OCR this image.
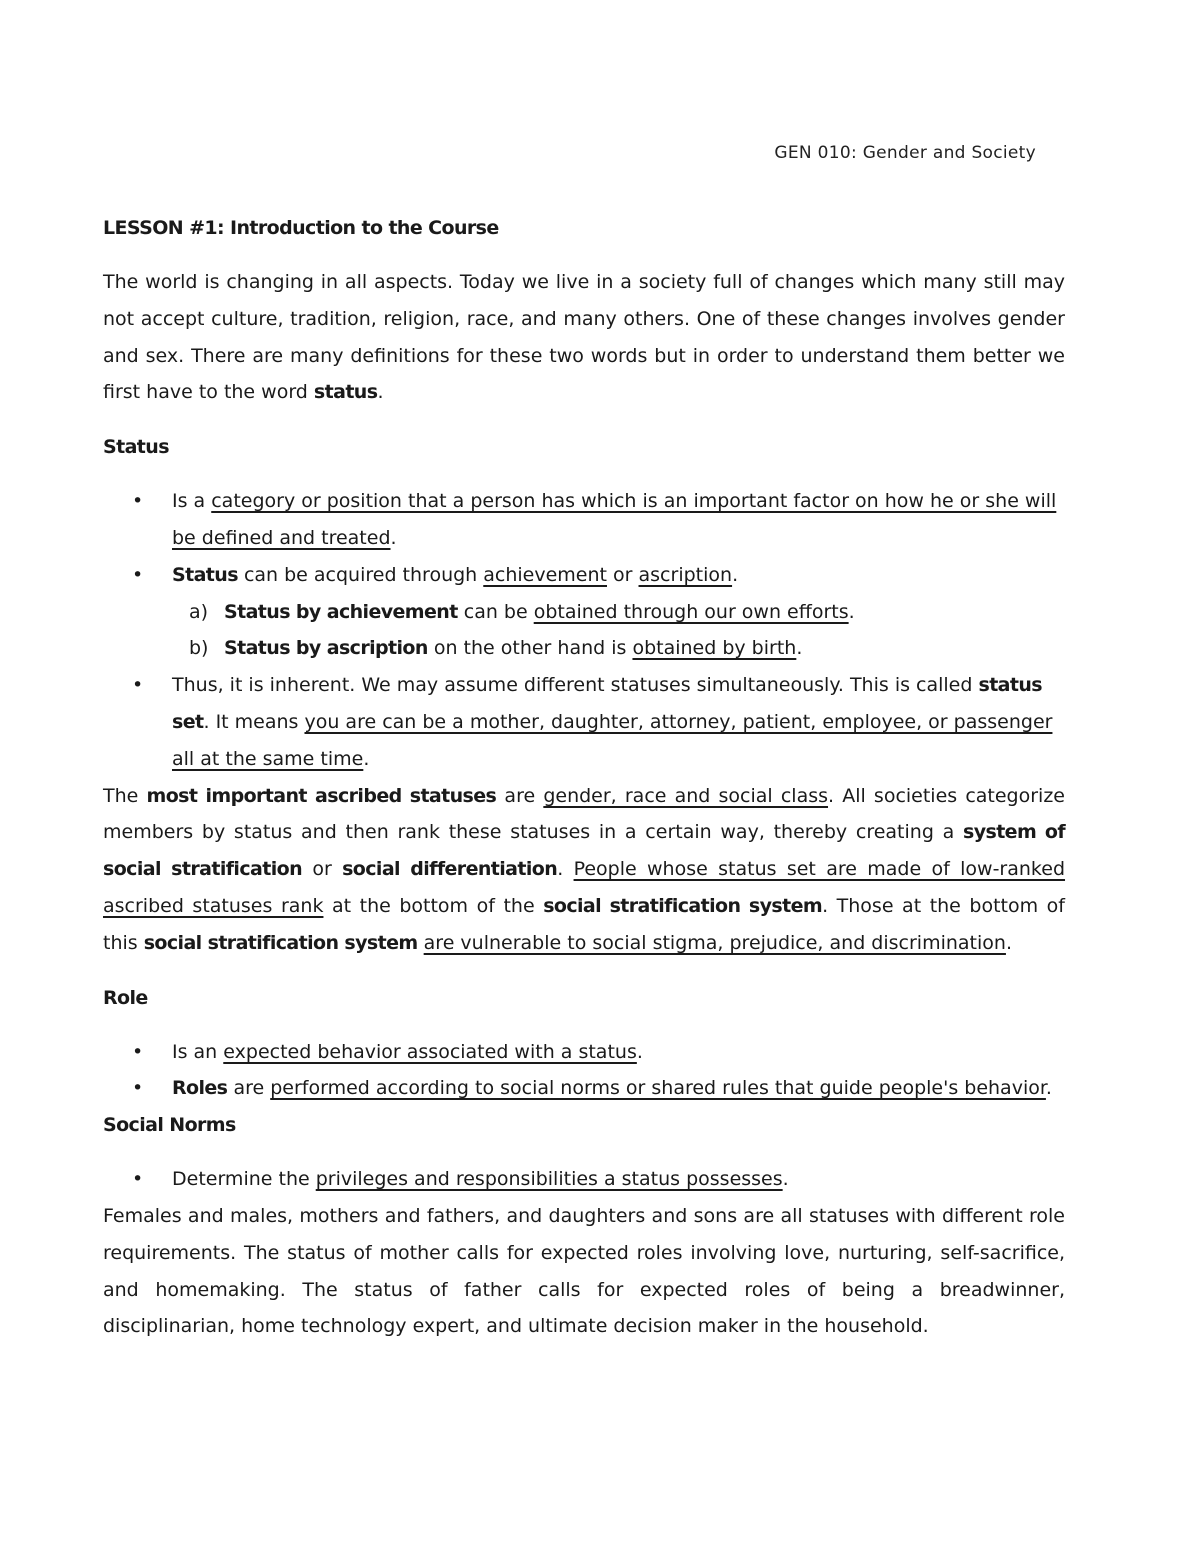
GEN 010: Gender and Society
LESSON #1: Introduction to the Course

The world is changing in all aspects. Today we live in a society full of changes which many still may not accept culture, tradition, religion, race, and many others. One of these changes involves gender and sex. There are many definitions for these two words but in order to understand them better we first have to the word status.

Status
• Is a category or position that a person has which is an important factor on how he or she will be defined and treated.
• Status can be acquired through achievement or ascription.
a) Status by achievement can be obtained through our own efforts.
b) Status by ascription on the other hand is obtained by birth.
• Thus, it is inherent. We may assume different statuses simultaneously. This is called status set. It means you are can be a mother, daughter, attorney, patient, employee, or passenger all at the same time.

The most important ascribed statuses are gender, race and social class. All societies categorize members by status and then rank these statuses in a certain way, thereby creating a system of social stratification or social differentiation. People whose status set are made of low-ranked ascribed statuses rank at the bottom of the social stratification system. Those at the bottom of this social stratification system are vulnerable to social stigma, prejudice, and discrimination.

Role
• Is an expected behavior associated with a status.
• Roles are performed according to social norms or shared rules that guide people's behavior.
Social Norms
• Determine the privileges and responsibilities a status possesses.

Females and males, mothers and fathers, and daughters and sons are all statuses with different role requirements. The status of mother calls for expected roles involving love, nurturing, self-sacrifice, and homemaking. The status of father calls for expected roles of being a breadwinner, disciplinarian, home technology expert, and ultimate decision maker in the household.
